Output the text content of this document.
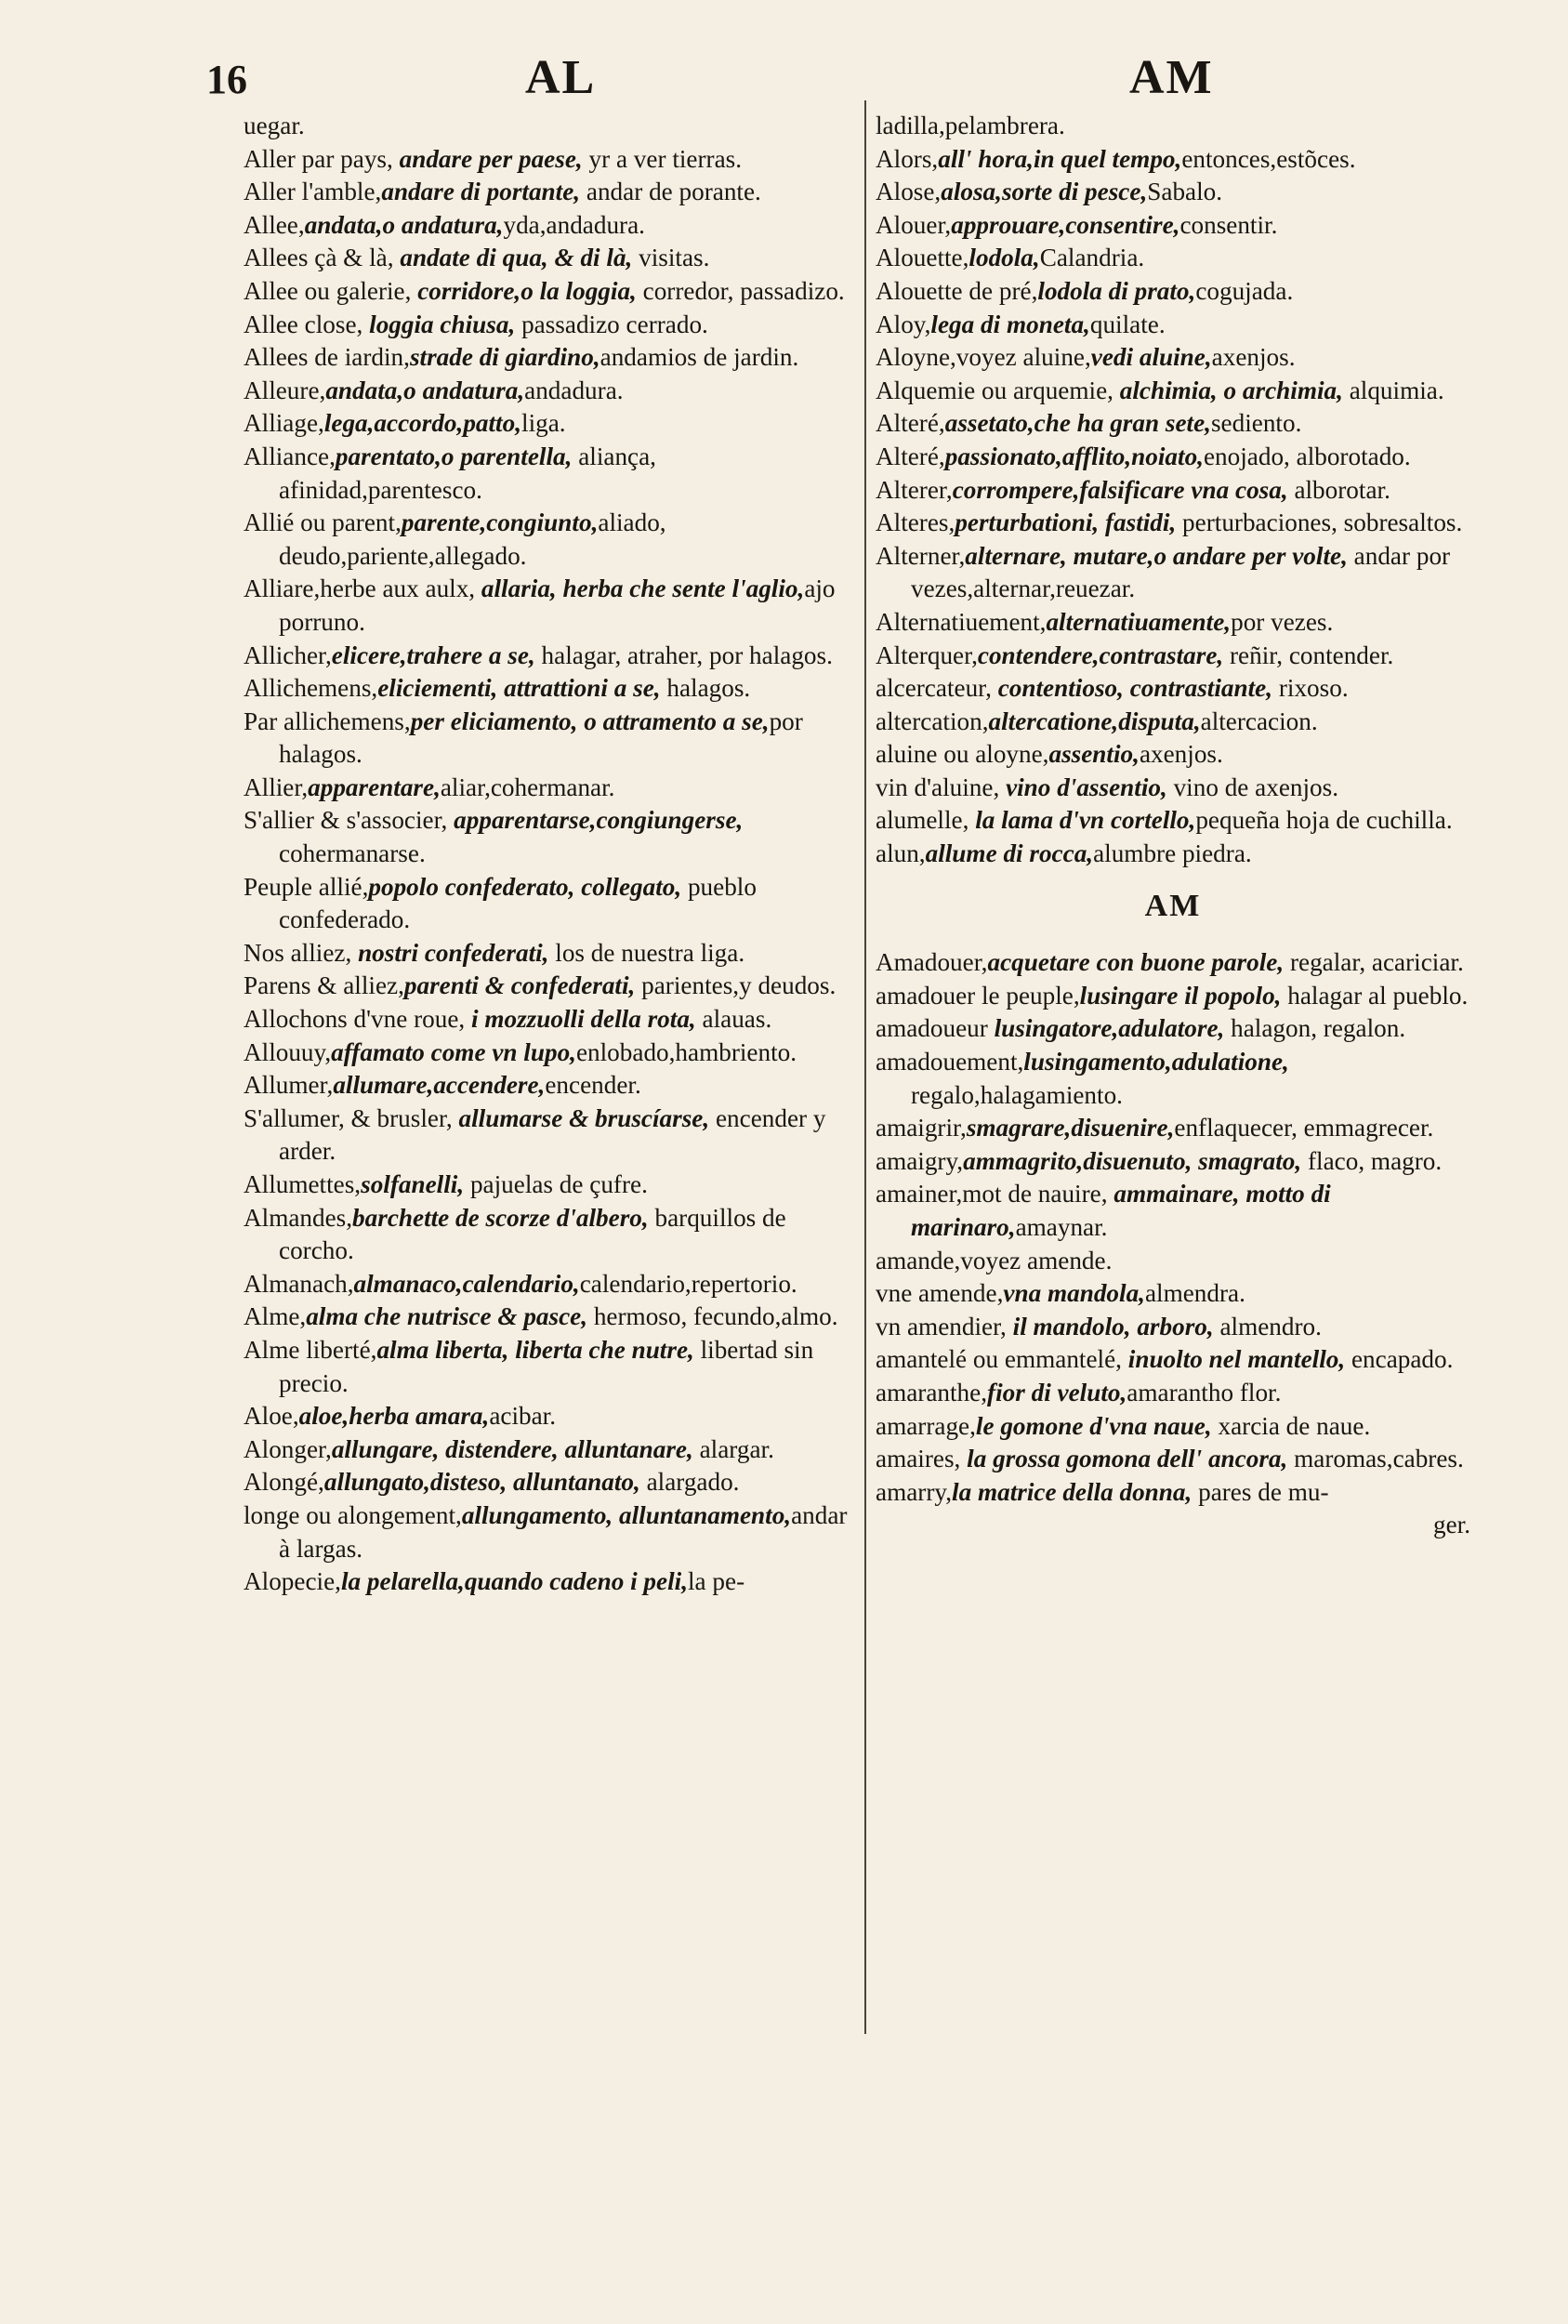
16	AL	AM

uegar.

Aller par pays, andare per paese, yr a ver tierras.

Aller l'amble,andare di portante, andar de porante.

Allee,andata,o andatura,yda,andadura.

Allees çà & là, andate di qua, & di là, visitas.

Allee ou galerie, corridore,o la loggia, corredor, passadizo.

Allee close, loggia chiusa, passadizo cerrado.

Allees de iardin,strade di giardino,andamios de jardin.

Alleure,andata,o andatura,andadura.

Alliage,lega,accordo,patto,liga.

Alliance,parentato,o parentella, aliança, afinidad,parentesco.

Allié ou parent,parente,congiunto,aliado, deudo,pariente,allegado.

Alliare,herbe aux aulx, allaria, herba che sente l'aglio,ajo porruno.

Allicher,elicere,trahere a se, halagar, atraher, por halagos.

Allichemens,eliciementi, attrattioni a se, halagos.

Par allichemens,per eliciamento, o attramento a se,por halagos.

Allier,apparentare,aliar,cohermanar.

S'allier & s'associer, apparentarse,congiungerse, cohermanarse.

Peuple allié,popolo confederato, collegato, pueblo confederado.

Nos alliez, nostri confederati, los de nuestra liga.

Parens & alliez,parenti & confederati, parientes,y deudos.

Allochons d'vne roue, i mozzuolli della rota, alauas.

Allouuy,affamato come vn lupo,enlobado,hambriento.

Allumer,allumare,accendere,encender.

S'allumer, & brusler, allumarse & bruscíarse, encender y arder.

Allumettes,solfanelli, pajuelas de çufre.

Almandes,barchette de scorze d'albero, barquillos de corcho.

Almanach,almanaco,calendario,calendario,repertorio.

Alme,alma che nutrisce & pasce, hermoso, fecundo,almo.

Alme liberté,alma liberta, liberta che nutre, libertad sin precio.

Aloe,aloe,herba amara,acibar.

Alonger,allungare, distendere, alluntanare, alargar.

Alongé,allungato,disteso, alluntanato, alargado.

longe ou alongement,allungamento, alluntanamento,andar à largas.

Alopecie,la pelarella,quando cadeno i peli,la pe-

ladilla,pelambrera.

Alors,all' hora,in quel tempo,entonces,estõces.

Alose,alosa,sorte di pesce,Sabalo.

Alouer,approuare,consentire,consentir.

Alouette,lodola,Calandria.

Alouette de pré,lodola di prato,cogujada.

Aloy,lega di moneta,quilate.

Aloyne,voyez aluine,vedi aluine,axenjos.

Alquemie ou arquemie, alchimia, o archimia, alquimia.

Alteré,assetato,che ha gran sete,sediento.

Alteré,passionato,afflito,noiato,enojado, alborotado.

Alterer,corrompere,falsificare vna cosa, alborotar.

Alteres,perturbationi, fastidi, perturbaciones, sobresaltos.

Alterner,alternare, mutare,o andare per volte, andar por vezes,alternar,reuezar.

Alternatiuement,alternatiuamente,por vezes.

Alterquer,contendere,contrastare, reñir, contender.

alcercateur, contentioso, contrastiante, rixoso.

altercation,altercatione,disputa,altercacion.

aluine ou aloyne,assentio,axenjos.

vin d'aluine, vino d'assentio, vino de axenjos.

alumelle, la lama d'vn cortello,pequeña hoja de cuchilla.

alun,allume di rocca,alumbre piedra.

AM

Amadouer,acquetare con buone parole, regalar, acariciar.

amadouer le peuple,lusingare il popolo, halagar al pueblo.

amadoueur lusingatore,adulatore, halagon, regalon.

amadouement,lusingamento,adulatione, regalo,halagamiento.

amaigrir,smagrare,disuenire,enflaquecer, emmagrecer.

amaigry,ammagrito,disuenuto, smagrato, flaco, magro.

amainer,mot de nauire, ammainare, motto di marinaro,amaynar.

amande,voyez amende.

vne amende,vna mandola,almendra.

vn amendier, il mandolo, arboro, almendro.

amantelé ou emmantelé, inuolto nel mantello, encapado.

amaranthe,fior di veluto,amarantho flor.

amarrage,le gomone d'vna naue, xarcia de naue.

amaires, la grossa gomona dell' ancora, maromas,cabres.

amarry,la matrice della donna, pares de mu-

ger.
